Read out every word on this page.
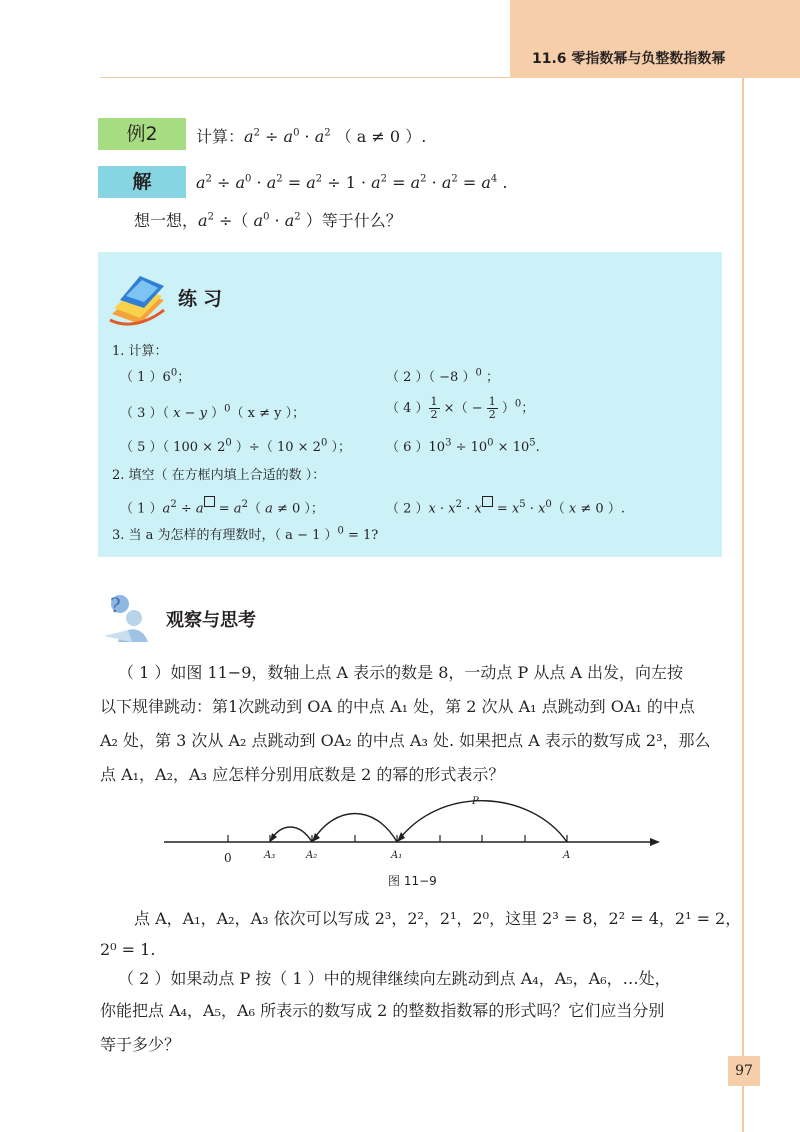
11.6 零指数幂与负整数指数幂
例2	计算：$a^2 \div a^0 \cdot a^2$ （ a ≠ 0 ）.
解	$a^2 \div a^0 \cdot a^2 = a^2 \div 1 \cdot a^2 = a^2 \cdot a^2 = a^4$ .
想一想，$a^2$ ÷（ $a^0 \cdot a^2$ ）等于什么？
练习
1. 计算：
（ 1 ）$6^0$；	（ 2 ）（ −8 ）$^0$ ；
（ 3 ）（ x − y ）$^0$（ x ≠ y ）；	（ 4 ） $\frac{1}{2}$ ×（ − $\frac{1}{2} )^0$；
（ 5 ）（ $100 \times 2^0$ ）÷（ $10 \times 2^0$ ）；	（ 6 ）$10^3 \div 10^0 \times 10^5$.
2. 填空（ 在方框内填上合适的数 ）：
（ 1 ）$a^2 \div a = a^2$（ a ≠ 0 ）；	（ 2 ）$x \cdot x^2 \cdot x = x^5 \cdot x^0$（ x ≠ 0 ）.
3. 当 a 为怎样的有理数时，（ a − 1 ）$^0$ = 1?
?
观察与思考
（ 1 ）如图 11−9，数轴上点 A 表示的数是 8，一动点 P 从点 A 出发，向左按
以下规律跳动：第1次跳动到 OA 的中点 A₁ 处，第 2 次从 A₁ 点跳动到 OA₁ 的中点
A₂ 处，第 3 次从 A₂ 点跳动到 OA₂ 的中点 A₃ 处. 如果把点 A 表示的数写成 2³，那么
点 A₁，A₂，A₃ 应怎样分别用底数是 2 的幂的形式表示？
0	A₃	A₂	A₁	A
P
图 11−9
点 A，A₁，A₂，A₃ 依次可以写成 2³，2²，2¹，2⁰，这里 2³ = 8，2² = 4，2¹ = 2，
2⁰ = 1.
（ 2 ）如果动点 P 按（ 1 ）中的规律继续向左跳动到点 A₄，A₅，A₆，…处，
你能把点 A₄，A₅，A₆ 所表示的数写成 2 的整数指数幂的形式吗？它们应当分别
等于多少？
97
